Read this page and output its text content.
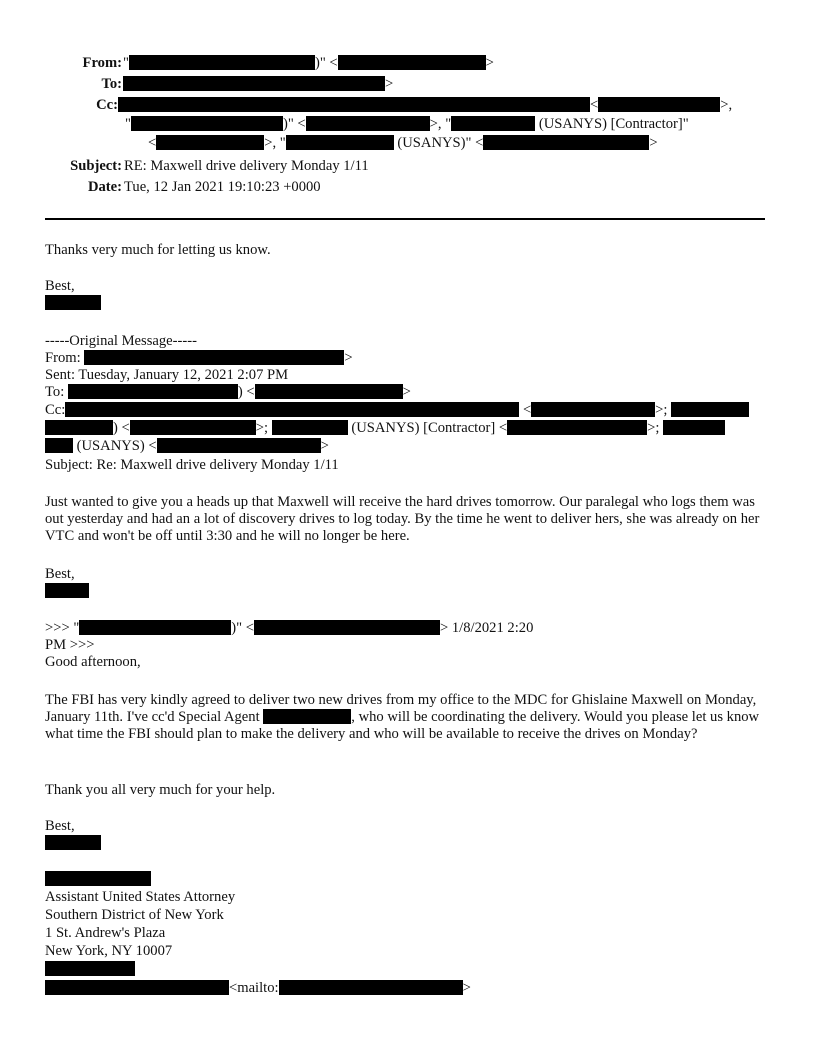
From: "	)" <	>
To:	>
Cc:	<	>,
"	)" <	>, "	(USANYS) [Contractor]"
<	>, "	(USANYS)" <	>
Subject: RE: Maxwell drive delivery Monday 1/11
Date: Tue, 12 Jan 2021 19:10:23 +0000
Thanks very much for letting us know.
Best,
-----Original Message-----
From:	>
Sent: Tuesday, January 12, 2021 2:07 PM
To:	) <	>
Cc:	<	>;
) <	>;	(USANYS) [Contractor] <	>;
(USANYS) <	>
Subject: Re: Maxwell drive delivery Monday 1/11
Just wanted to give you a heads up that Maxwell will receive the hard drives tomorrow. Our paralegal who logs them was out yesterday and had an a lot of discovery drives to log today. By the time he went to deliver hers, she was already on her VTC and won't be off until 3:30 and he will no longer be here.
Best,
>>> "	)" <	> 1/8/2021 2:20
PM >>>
Good afternoon,
The FBI has very kindly agreed to deliver two new drives from my office to the MDC for Ghislaine Maxwell on Monday, January 11th. I've cc'd Special Agent	, who will be coordinating the delivery. Would you please let us know what time the FBI should plan to make the delivery and who will be available to receive the drives on Monday?
Thank you all very much for your help.
Best,
Assistant United States Attorney
Southern District of New York
1 St. Andrew's Plaza
New York, NY 10007
<mailto:	>
